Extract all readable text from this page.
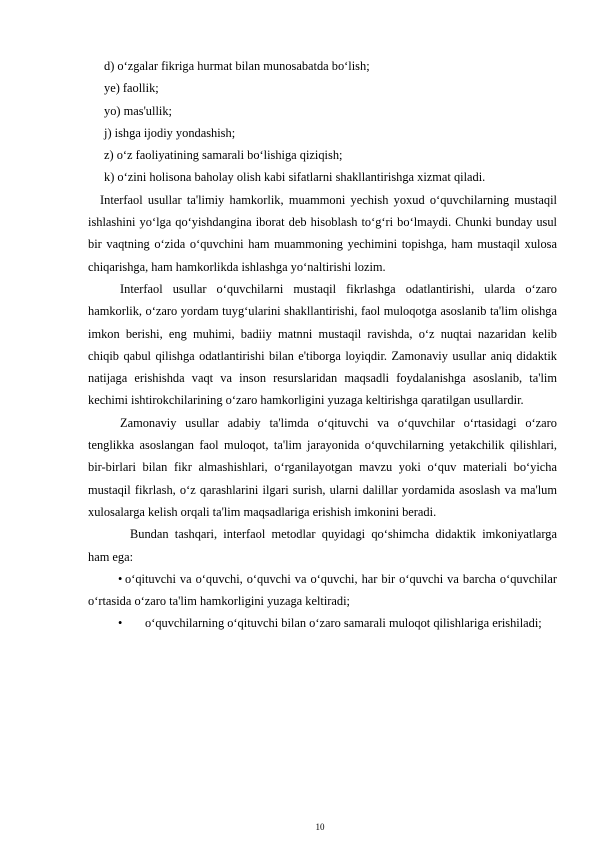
d) o‘zgalar fikriga hurmat bilan munosabatda bo‘lish;
ye) faollik;
yo) mas'ullik;
j) ishga ijodiy yondashish;
z) o‘z faoliyatining samarali bo‘lishiga qiziqish;
k) o‘zini holisona baholay olish kabi sifatlarni shakllantirishga xizmat qiladi.

Interfaol usullar ta'limiy hamkorlik, muammoni yechish yoxud o‘quvchilarning mustaqil ishlashini yo‘lga qo‘yishdangina iborat deb hisoblash to‘g‘ri bo‘lmaydi. Chunki bunday usul bir vaqtning o‘zida o‘quvchini ham muammoning yechimini topishga, ham mustaqil xulosa chiqarishga, ham hamkorlikda ishlashga yo‘naltirishi lozim.

Interfaol usullar o‘quvchilarni mustaqil fikrlashga odatlantirishi, ularda o‘zaro hamkorlik, o‘zaro yordam tuyg‘ularini shakllantirishi, faol muloqotga asoslanib ta'lim olishga imkon berishi, eng muhimi, badiiy matnni mustaqil ravishda, o‘z nuqtai nazaridan kelib chiqib qabul qilishga odatlantirishi bilan e'tiborga loyiqdir. Zamonaviy usullar aniq didaktik natijaga erishishda vaqt va inson resurslaridan maqsadli foydalanishga asoslanib, ta'lim kechimi ishtirokchilarining o‘zaro hamkorligini yuzaga keltirishga qaratilgan usullardir.

Zamonaviy usullar adabiy ta'limda o‘qituvchi va o‘quvchilar o‘rtasidagi o‘zaro tenglikka asoslangan faol muloqot, ta'lim jarayonida o‘quvchilarning yetakchilik qilishlari, bir-birlari bilan fikr almashishlari, o‘rganilayotgan mavzu yoki o‘quv materiali bo‘yicha mustaqil fikrlash, o‘z qarashlarini ilgari surish, ularni dalillar yordamida asoslash va ma'lum xulosalarga kelish orqali ta'lim maqsadlariga erishish imkonini beradi.

Bundan tashqari, interfaol metodlar quyidagi qo‘shimcha didaktik imkoniyatlarga ham ega:

• o‘qituvchi va o‘quvchi, o‘quvchi va o‘quvchi, har bir o‘quvchi va barcha o‘quvchilar o‘rtasida o‘zaro ta'lim hamkorligini yuzaga keltiradi;

• o‘quvchilarning o‘qituvchi bilan o‘zaro samarali muloqot qilishlariga erishiladi;

10
